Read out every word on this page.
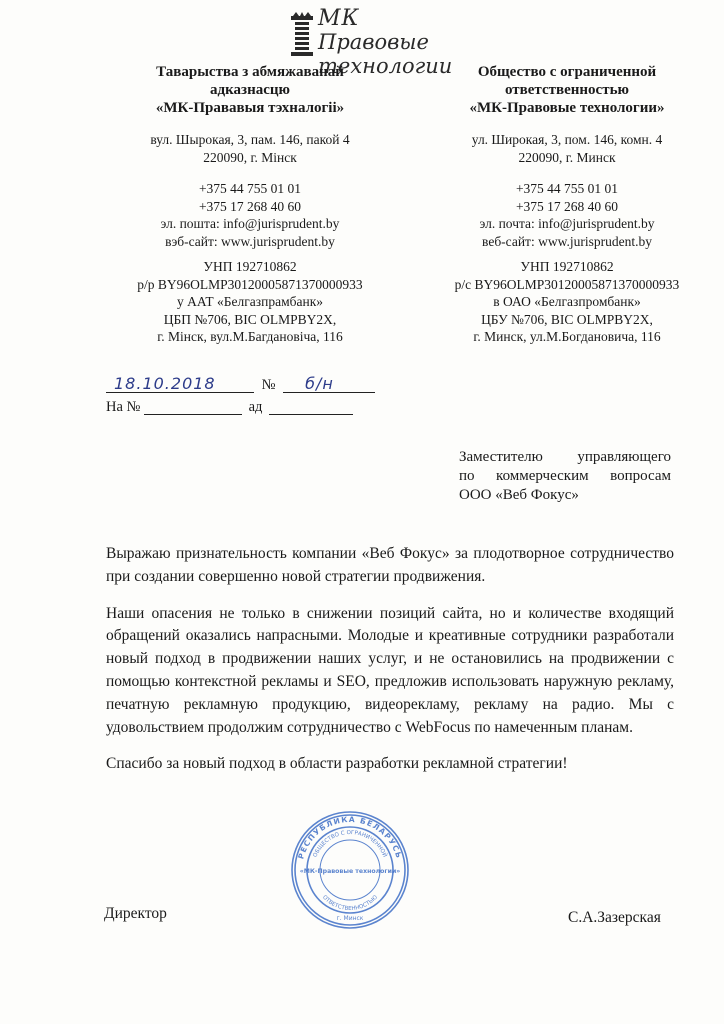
МК
Правовые технологии

Таварыства з абмяжаванай

адказнасцю

«МК-Прававыя тэхналогіі»

вул. Шырокая, 3, пам. 146, пакой 4

220090, г. Мінск

+375 44 755 01 01

+375 17 268 40 60

эл. пошта: info@jurisprudent.by

вэб-сайт: www.jurisprudent.by

УНП 192710862

р/р BY96OLMP30120005871370000933

у ААТ «Белгазпрамбанк»

ЦБП №706, BIC OLMPBY2X,

г. Мінск, вул.М.Багдановіча, 116

Общество с ограниченной

ответственностью

«МК-Правовые технологии»

ул. Широкая, 3, пом. 146, комн. 4

220090, г. Минск

+375 44 755 01 01

+375 17 268 40 60

эл. почта: info@jurisprudent.by

веб-сайт: www.jurisprudent.by

УНП 192710862

р/с BY96OLMP30120005871370000933

в ОАО «Белгазпромбанк»

ЦБУ №706, BIC OLMPBY2X,

г. Минск, ул.М.Богдановича, 116

18.10.2018	№ б/н
На №	ад
Заместителю управляющего
по коммерческим вопросам
ООО «Веб Фокус»

Выражаю признательность компании «Веб Фокус» за плодотворное сотрудничество при создании совершенно новой стратегии продвижения.

Наши опасения не только в снижении позиций сайта, но и количестве входящий обращений оказались напрасными. Молодые и креативные сотрудники разработали новый подход в продвижении наших услуг, и не остановились на продвижении с помощью контекстной рекламы и SEO, предложив использовать наружную рекламу, печатную рекламную продукцию, видеорекламу, рекламу на радио. Мы с удовольствием продолжим сотрудничество с WebFocus по намеченным планам.

Спасибо за новый подход в области разработки рекламной стратегии!

РЕСПУБЛИКА БЕЛАРУСЬ
ОБЩЕСТВО С ОГРАНИЧЕННОЙ
ОТВЕТСТВЕННОСТЬЮ
«МК-Правовые технологии»
г. Минск
Директор	С.А.Зазерская
